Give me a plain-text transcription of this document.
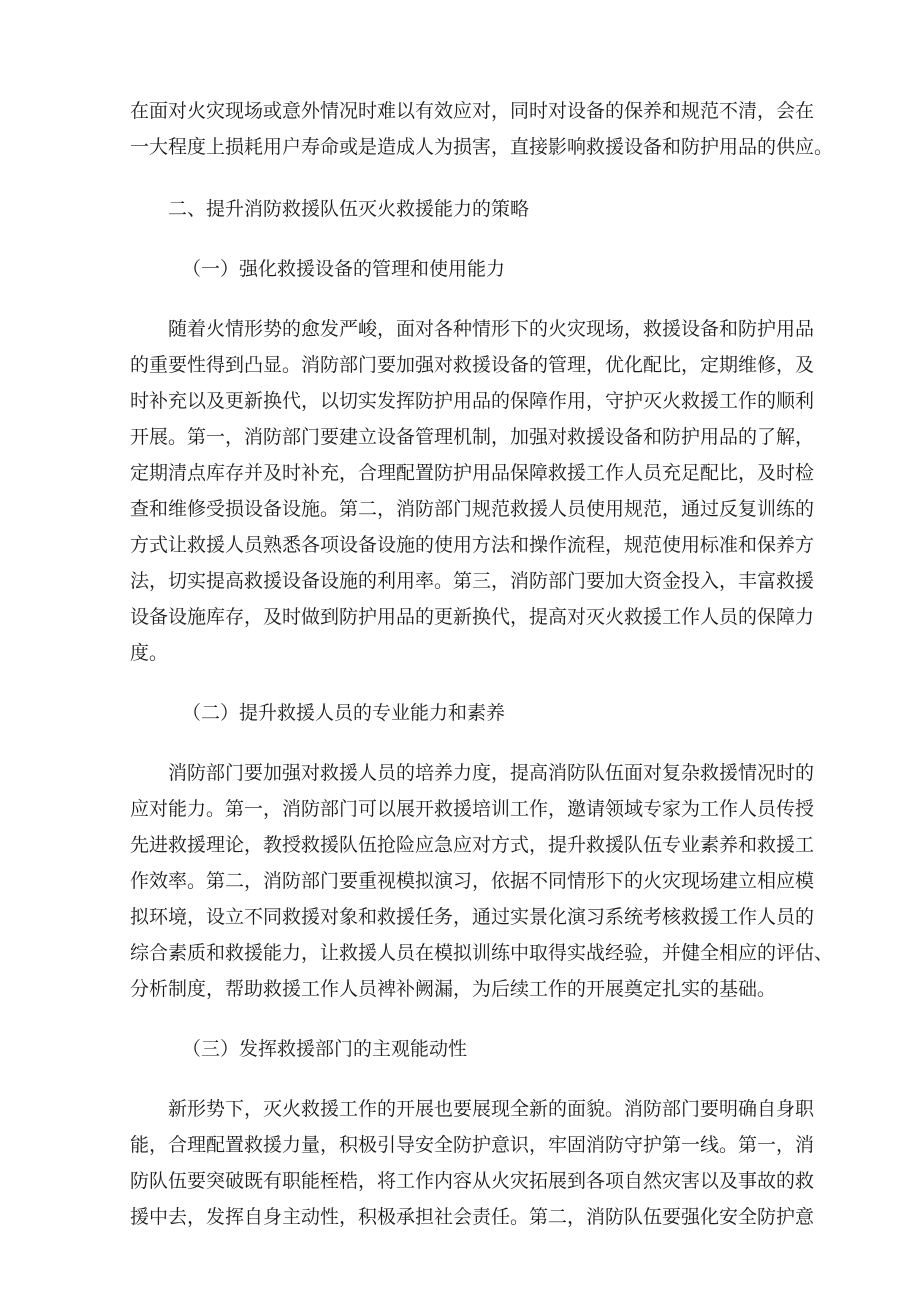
在面对火灾现场或意外情况时难以有效应对，同时对设备的保养和规范不清，会在
一大程度上损耗用户寿命或是造成人为损害，直接影响救援设备和防护用品的供应。
二、提升消防救援队伍灭火救援能力的策略
（一）强化救援设备的管理和使用能力
随着火情形势的愈发严峻，面对各种情形下的火灾现场，救援设备和防护用品
的重要性得到凸显。消防部门要加强对救援设备的管理，优化配比，定期维修，及
时补充以及更新换代，以切实发挥防护用品的保障作用，守护灭火救援工作的顺利
开展。第一，消防部门要建立设备管理机制，加强对救援设备和防护用品的了解，
定期清点库存并及时补充，合理配置防护用品保障救援工作人员充足配比，及时检
查和维修受损设备设施。第二，消防部门规范救援人员使用规范，通过反复训练的
方式让救援人员熟悉各项设备设施的使用方法和操作流程，规范使用标准和保养方
法，切实提高救援设备设施的利用率。第三，消防部门要加大资金投入，丰富救援
设备设施库存，及时做到防护用品的更新换代，提高对灭火救援工作人员的保障力
度。
（二）提升救援人员的专业能力和素养
消防部门要加强对救援人员的培养力度，提高消防队伍面对复杂救援情况时的
应对能力。第一，消防部门可以展开救援培训工作，邀请领域专家为工作人员传授
先进救援理论，教授救援队伍抢险应急应对方式，提升救援队伍专业素养和救援工
作效率。第二，消防部门要重视模拟演习，依据不同情形下的火灾现场建立相应模
拟环境，设立不同救援对象和救援任务，通过实景化演习系统考核救援工作人员的
综合素质和救援能力，让救援人员在模拟训练中取得实战经验，并健全相应的评估、
分析制度，帮助救援工作人员裨补阙漏，为后续工作的开展奠定扎实的基础。
（三）发挥救援部门的主观能动性
新形势下，灭火救援工作的开展也要展现全新的面貌。消防部门要明确自身职
能，合理配置救援力量，积极引导安全防护意识，牢固消防守护第一线。第一，消
防队伍要突破既有职能桎梏，将工作内容从火灾拓展到各项自然灾害以及事故的救
援中去，发挥自身主动性，积极承担社会责任。第二，消防队伍要强化安全防护意
